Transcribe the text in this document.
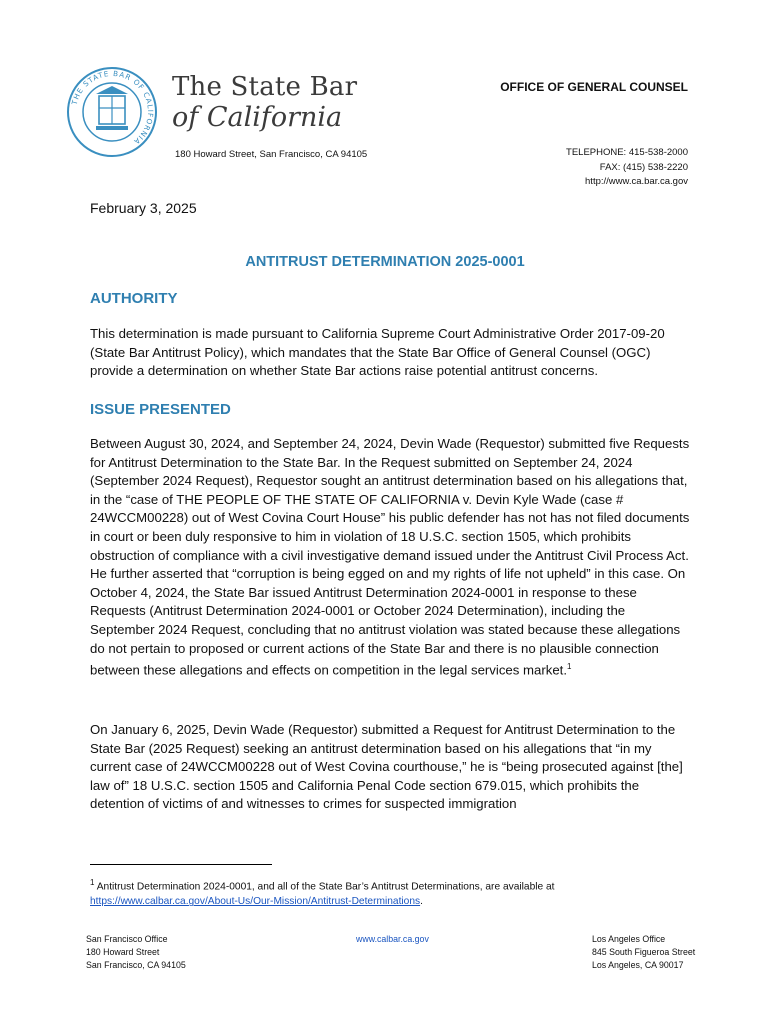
THE STATE BAR OF CALIFORNIA
The State Bar
of California
OFFICE OF GENERAL COUNSEL
180 Howard Street, San Francisco, CA 94105	TELEPHONE: 415-538-2000
FAX: (415) 538-2220
http://www.ca.bar.ca.gov
February 3, 2025
ANTITRUST DETERMINATION 2025-0001
AUTHORITY

This determination is made pursuant to California Supreme Court Administrative Order 2017-09-20 (State Bar Antitrust Policy), which mandates that the State Bar Office of General Counsel (OGC) provide a determination on whether State Bar actions raise potential antitrust concerns.

ISSUE PRESENTED

Between August 30, 2024, and September 24, 2024, Devin Wade (Requestor) submitted five Requests for Antitrust Determination to the State Bar. In the Request submitted on September 24, 2024 (September 2024 Request), Requestor sought an antitrust determination based on his allegations that, in the “case of THE PEOPLE OF THE STATE OF CALIFORNIA v. Devin Kyle Wade (case # 24WCCM00228) out of West Covina Court House” his public defender has not has not filed documents in court or been duly responsive to him in violation of 18 U.S.C. section 1505, which prohibits obstruction of compliance with a civil investigative demand issued under the Antitrust Civil Process Act. He further asserted that “corruption is being egged on and my rights of life not upheld” in this case. On October 4, 2024, the State Bar issued Antitrust Determination 2024-0001 in response to these Requests (Antitrust Determination 2024-0001 or October 2024 Determination), including the September 2024 Request, concluding that no antitrust violation was stated because these allegations do not pertain to proposed or current actions of the State Bar and there is no plausible connection between these allegations and effects on competition in the legal services market.$^1$

On January 6, 2025, Devin Wade (Requestor) submitted a Request for Antitrust Determination to the State Bar (2025 Request) seeking an antitrust determination based on his allegations that “in my current case of 24WCCM00228 out of West Covina courthouse,” he is “being prosecuted against [the] law of” 18 U.S.C. section 1505 and California Penal Code section 679.015, which prohibits the detention of victims of and witnesses to crimes for suspected immigration

$^1$ Antitrust Determination 2024-0001, and all of the State Bar’s Antitrust Determinations, are available at https://www.calbar.ca.gov/About-Us/Our-Mission/Antitrust-Determinations.
San Francisco Office
180 Howard Street
San Francisco, CA 94105
www.calbar.ca.gov	Los Angeles Office
845 South Figueroa Street
Los Angeles, CA 90017
